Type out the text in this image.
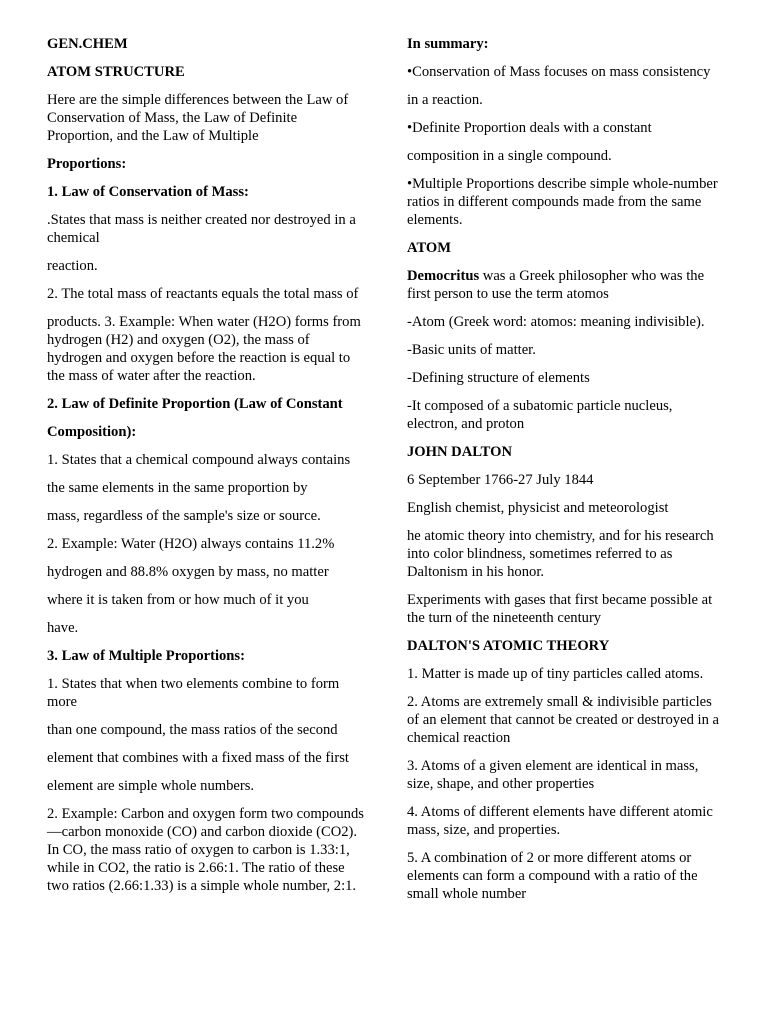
GEN.CHEM

ATOM STRUCTURE

Here are the simple differences between the Law of Conservation of Mass, the Law of Definite Proportion, and the Law of Multiple

Proportions:

1. Law of Conservation of Mass:

.States that mass is neither created nor destroyed in a chemical

reaction.

2. The total mass of reactants equals the total mass of

products. 3. Example: When water (H2O) forms from hydrogen (H2) and oxygen (O2), the mass of hydrogen and oxygen before the reaction is equal to the mass of water after the reaction.

2. Law of Definite Proportion (Law of Constant

Composition):

1. States that a chemical compound always contains

the same elements in the same proportion by

mass, regardless of the sample's size or source.

2. Example: Water (H2O) always contains 11.2%

hydrogen and 88.8% oxygen by mass, no matter

where it is taken from or how much of it you

have.

3. Law of Multiple Proportions:

1. States that when two elements combine to form more

than one compound, the mass ratios of the second

element that combines with a fixed mass of the first

element are simple whole numbers.

2. Example: Carbon and oxygen form two compounds—carbon monoxide (CO) and carbon dioxide (CO2). In CO, the mass ratio of oxygen to carbon is 1.33:1, while in CO2, the ratio is 2.66:1. The ratio of these two ratios (2.66:1.33) is a simple whole number, 2:1.

In summary:

•Conservation of Mass focuses on mass consistency

in a reaction.

•Definite Proportion deals with a constant

composition in a single compound.

•Multiple Proportions describe simple whole-number ratios in different compounds made from the same elements.

ATOM

Democritus was a Greek philosopher who was the first person to use the term atomos

-Atom (Greek word: atomos: meaning indivisible).

-Basic units of matter.

-Defining structure of elements

-It composed of a subatomic particle nucleus, electron, and proton

JOHN DALTON

6 September 1766-27 July 1844

English chemist, physicist and meteorologist

he atomic theory into chemistry, and for his research into color blindness, sometimes referred to as Daltonism in his honor.

Experiments with gases that first became possible at the turn of the nineteenth century

DALTON'S ATOMIC THEORY

1. Matter is made up of tiny particles called atoms.

2. Atoms are extremely small & indivisible particles of an element that cannot be created or destroyed in a chemical reaction

3. Atoms of a given element are identical in mass, size, shape, and other properties

4. Atoms of different elements have different atomic mass, size, and properties.

5. A combination of 2 or more different atoms or elements can form a compound with a ratio of the small whole number
